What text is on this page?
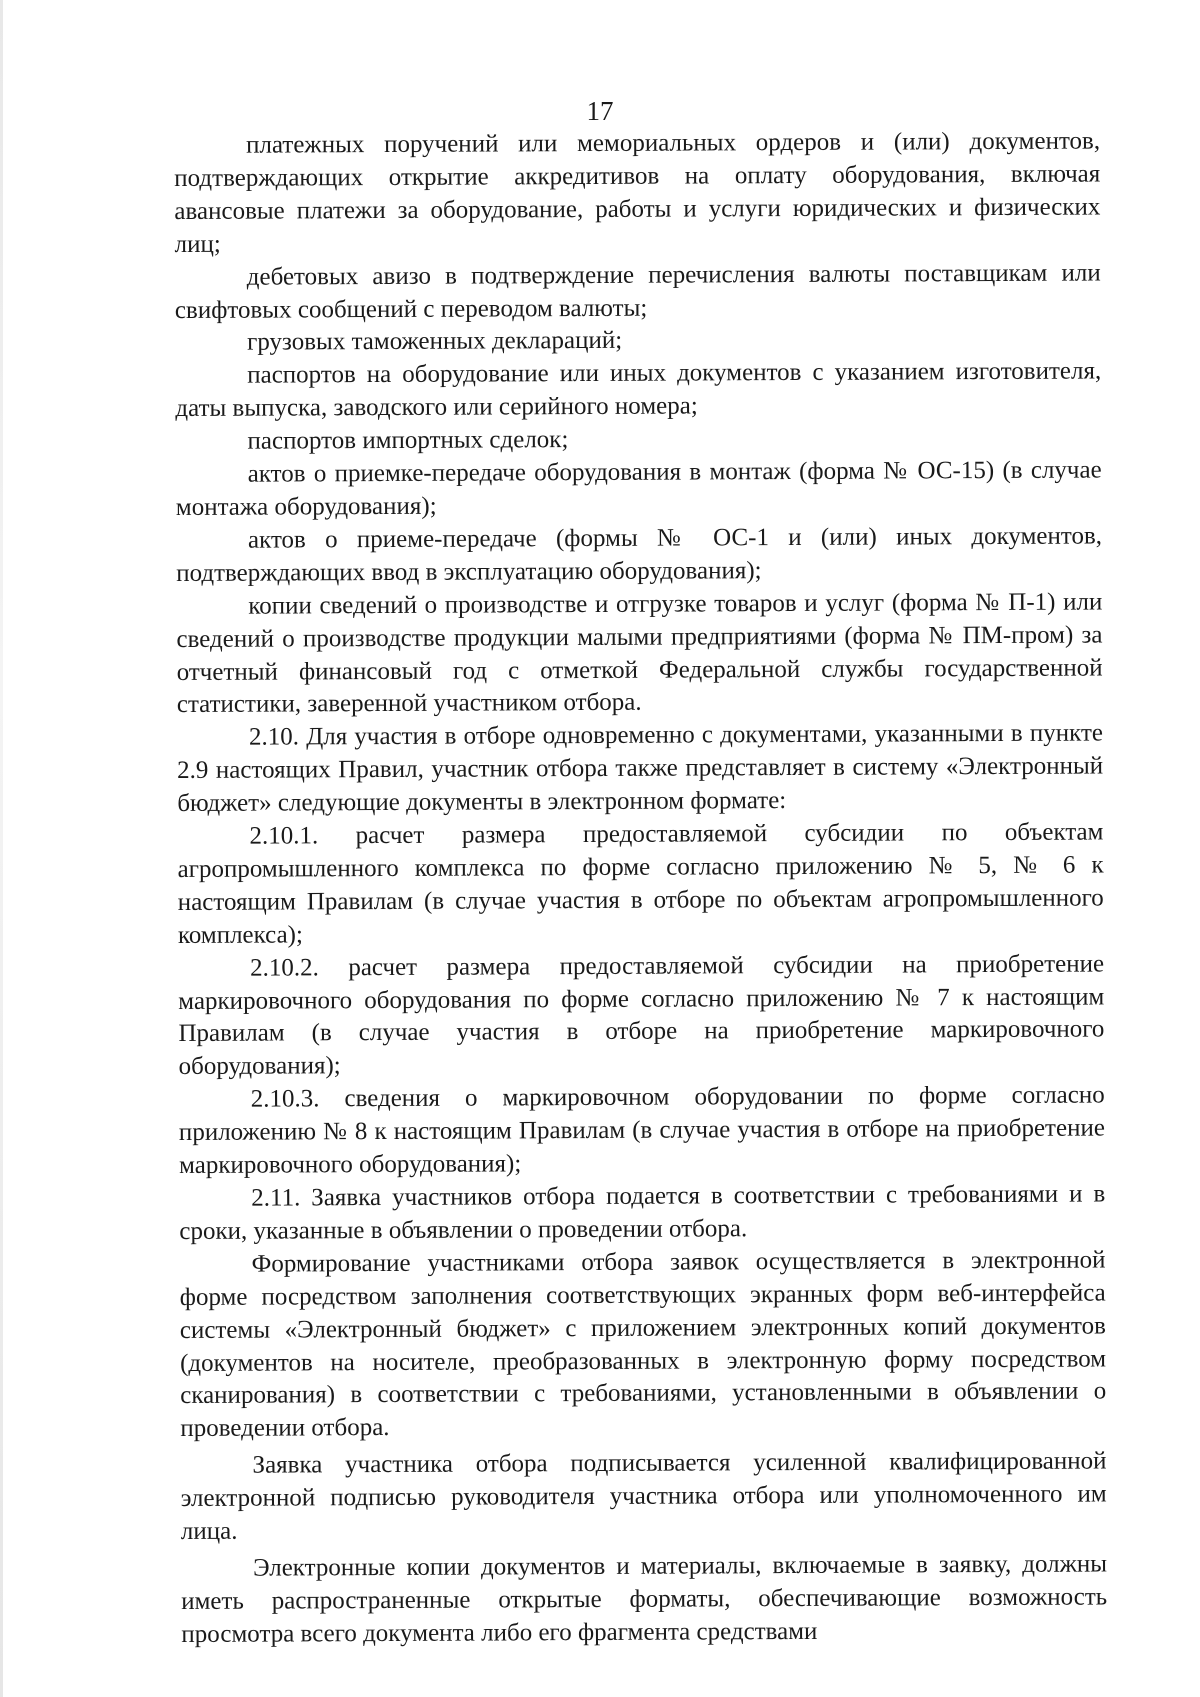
17

платежных поручений или мемориальных ордеров и (или) документов, подтверждающих открытие аккредитивов на оплату оборудования, включая авансовые платежи за оборудование, работы и услуги юридических и физических лиц;

дебетовых авизо в подтверждение перечисления валюты поставщикам или свифтовых сообщений с переводом валюты;

грузовых таможенных деклараций;

паспортов на оборудование или иных документов с указанием изготовителя, даты выпуска, заводского или серийного номера;

паспортов импортных сделок;

актов о приемке-передаче оборудования в монтаж (форма № ОС-15) (в случае монтажа оборудования);

актов о приеме-передаче (формы № ОС-1 и (или) иных документов, подтверждающих ввод в эксплуатацию оборудования);

копии сведений о производстве и отгрузке товаров и услуг (форма № П-1) или сведений о производстве продукции малыми предприятиями (форма № ПМ-пром) за отчетный финансовый год с отметкой Федеральной службы государственной статистики, заверенной участником отбора.

2.10. Для участия в отборе одновременно с документами, указанными в пункте 2.9 настоящих Правил, участник отбора также представляет в систему «Электронный бюджет» следующие документы в электронном формате:

2.10.1. расчет размера предоставляемой субсидии по объектам агропромышленного комплекса по форме согласно приложению № 5, № 6 к настоящим Правилам (в случае участия в отборе по объектам агропромышленного комплекса);

2.10.2. расчет размера предоставляемой субсидии на приобретение маркировочного оборудования по форме согласно приложению № 7 к настоящим Правилам (в случае участия в отборе на приобретение маркировочного оборудования);

2.10.3. сведения о маркировочном оборудовании по форме согласно приложению № 8 к настоящим Правилам (в случае участия в отборе на приобретение маркировочного оборудования);

2.11. Заявка участников отбора подается в соответствии с требованиями и в сроки, указанные в объявлении о проведении отбора.

Формирование участниками отбора заявок осуществляется в электронной форме посредством заполнения соответствующих экранных форм веб-интерфейса системы «Электронный бюджет» с приложением электронных копий документов (документов на носителе, преобразованных в электронную форму посредством сканирования) в соответствии с требованиями, установленными в объявлении о проведении отбора.

Заявка участника отбора подписывается усиленной квалифицированной электронной подписью руководителя участника отбора или уполномоченного им лица.

Электронные копии документов и материалы, включаемые в заявку, должны иметь распространенные открытые форматы, обеспечивающие возможность просмотра всего документа либо его фрагмента средствами
